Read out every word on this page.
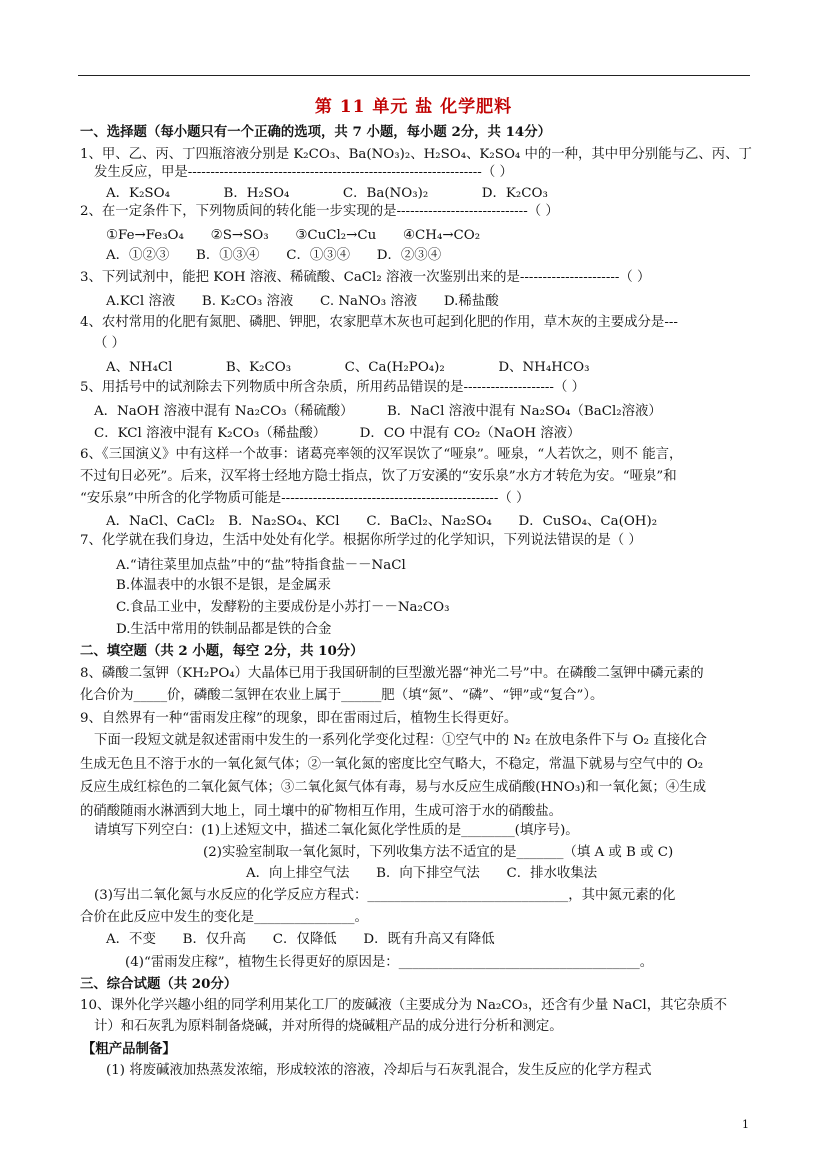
第 11 单元 盐 化学肥料
一、选择题（每小题只有一个正确的选项，共 7 小题，每小题 2分，共 14分）
1、甲、乙、丙、丁四瓶溶液分别是 K₂CO₃、Ba(NO₃)₂、H₂SO₄、K₂SO₄ 中的一种，其中甲分别能与乙、丙、丁
发生反应，甲是-----------------------------------------------------------------（ ）
A．K₂SO₄　　　　B．H₂SO₄　　　　C．Ba(NO₃)₂　　　　D．K₂CO₃
2、在一定条件下，下列物质间的转化能一步实现的是-----------------------------（ ）
①Fe→Fe₃O₄　　②S→SO₃　　③CuCl₂→Cu　　④CH₄→CO₂
A．①②③　　B．①③④　　C．①③④　　D．②③④
3、下列试剂中，能把 KOH 溶液、稀硫酸、CaCl₂ 溶液一次鉴别出来的是----------------------（ ）
A.KCl 溶液　　B. K₂CO₃ 溶液　　C. NaNO₃ 溶液　　D.稀盐酸
4、农村常用的化肥有氮肥、磷肥、钾肥，农家肥草木灰也可起到化肥的作用，草木灰的主要成分是---
（ ）
A、NH₄Cl　　　　B、K₂CO₃　　　　C、Ca(H₂PO₄)₂　　　　D、NH₄HCO₃
5、用括号中的试剂除去下列物质中所含杂质，所用药品错误的是--------------------（ ）
A．NaOH 溶液中混有 Na₂CO₃（稀硫酸）　　　B．NaCl 溶液中混有 Na₂SO₄（BaCl₂溶液）
C．KCl 溶液中混有 K₂CO₃（稀盐酸）　　　D．CO 中混有 CO₂（NaOH 溶液）
6、《三国演义》中有这样一个故事：诸葛亮率领的汉军误饮了“哑泉”。哑泉，“人若饮之，则不 能言，
不过旬日必死”。后来，汉军将士经地方隐士指点，饮了万安溪的“安乐泉”水方才转危为安。“哑泉”和
“安乐泉”中所含的化学物质可能是------------------------------------------------（ ）
A．NaCl、CaCl₂　B．Na₂SO₄、KCl　　C．BaCl₂、Na₂SO₄　　D．CuSO₄、Ca(OH)₂
7、化学就在我们身边，生活中处处有化学。根据你所学过的化学知识，下列说法错误的是（ ）
A.“请往菜里加点盐”中的“盐”特指食盐－－NaCl
B.体温表中的水银不是银，是金属汞
C.食品工业中，发酵粉的主要成份是小苏打－－Na₂CO₃
D.生活中常用的铁制品都是铁的合金
二、填空题（共 2 小题，每空 2分，共 10分）
8、磷酸二氢钾（KH₂PO₄）大晶体已用于我国研制的巨型激光器“神光二号”中。在磷酸二氢钾中磷元素的
化合价为_____价，磷酸二氢钾在农业上属于______肥（填“氮”、“磷”、“钾”或“复合”）。
9、自然界有一种“雷雨发庄稼”的现象，即在雷雨过后，植物生长得更好。
下面一段短文就是叙述雷雨中发生的一系列化学变化过程：①空气中的 N₂ 在放电条件下与 O₂ 直接化合
生成无色且不溶于水的一氧化氮气体；②一氧化氮的密度比空气略大，不稳定，常温下就易与空气中的 O₂
反应生成红棕色的二氧化氮气体；③二氧化氮气体有毒，易与水反应生成硝酸(HNO₃)和一氧化氮；④生成
的硝酸随雨水淋洒到大地上，同土壤中的矿物相互作用，生成可溶于水的硝酸盐。
请填写下列空白：(1)上述短文中，描述二氧化氮化学性质的是________(填序号)。
(2)实验室制取一氧化氮时，下列收集方法不适宜的是_______（填 A 或 B 或 C)
A．向上排空气法　　B．向下排空气法　　C．排水收集法
(3)写出二氧化氮与水反应的化学反应方程式：______________________________，其中氮元素的化
合价在此反应中发生的变化是_______________。
A．不变　　B．仅升高　　C．仅降低　　D．既有升高又有降低
(4)“雷雨发庄稼”，植物生长得更好的原因是：____________________________________。
三、综合试题（共 20分）
10、课外化学兴趣小组的同学利用某化工厂的废碱液（主要成分为 Na₂CO₃，还含有少量 NaCl，其它杂质不
计）和石灰乳为原料制备烧碱，并对所得的烧碱粗产品的成分进行分析和测定。
【粗产品制备】
(1) 将废碱液加热蒸发浓缩，形成较浓的溶液，冷却后与石灰乳混合，发生反应的化学方程式
1
